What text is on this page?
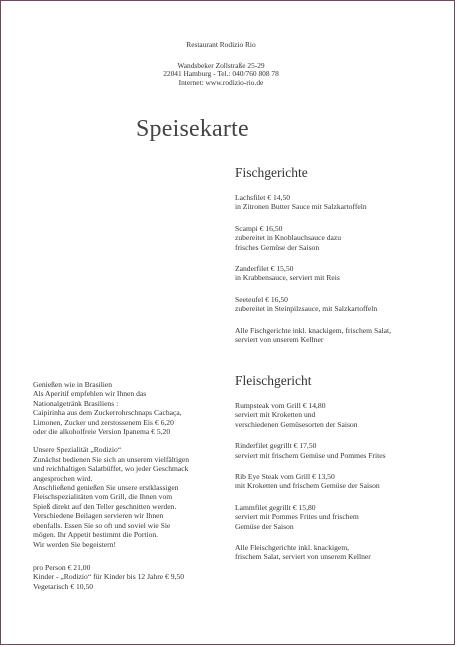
Restaurant Rodizio Rio

Wandsbeker Zollstraße 25-29

22041 Hamburg - Tel.: 040/760 808 78

Internet: www.rodizio-rio.de

Speisekarte
Fischgerichte

Lachsfilet € 14,50

in Zitronen Butter Sauce mit Salzkartoffeln

Scampi € 16,50

zubereitet in Knoblauchsauce dazu

frisches Gemüse der Saison

Zanderfilet € 15,50

in Krabbensauce, serviert mit Reis

Seeteufel € 16,50

zubereitet in Steinpilzsauce, mit Salzkartoffeln

Alle Fischgerichte inkl. knackigem, frischem Salat,

serviert von unserem Kellner

Fleischgericht

Rumpsteak vom Grill € 14,80

serviert mit Kroketten und

verschiedenen Gemüsesorten der Saison

Rinderfilet gegrillt € 17,50

serviert mit frischem Gemüse und Pommes Frites

Rib Eye Steak vom Grill € 13,50

mit Kroketten und frischem Gemüse der Saison

Lammfilet gegrillt € 15,80

serviert mit Pommes Frites und frischem

Gemüse der Saison

Alle Fleischgerichte inkl. knackigem,

frischem Salat, serviert von unserem Kellner

Genießen wie in Brasilien

Als Aperitif empfehlen wir Ihnen das

Nationalgetränk Brasiliens :

Caipirinha aus dem Zuckerrohrschnaps Cachaça,

Limonen, Zucker und zerstossenem Eis € 6,20

oder die alkoholfreie Version Ipanema € 5,20

Unsere Spezialität „Rodizio“

Zunächst bedienen Sie sich an unserem vielfältigen

und reichhaltigen Salatbüffet, wo jeder Geschmack

angesprochen wird.

Anschließend genießen Sie unsere erstklassigen

Fleischspezialitäten vom Grill, die Ihnen vom

Spieß direkt auf den Teller geschnitten werden.

Verschiedene Beilagen servieren wir Ihnen

ebenfalls. Essen Sie so oft und soviel wie Sie

mögen. Ihr Appetit bestimmt die Portion.

Wir werden Sie begeistern!

pro Person € 21,00

Kinder - „Rodizio“ für Kinder bis 12 Jahre € 9,50

Vegetarisch € 10,50
